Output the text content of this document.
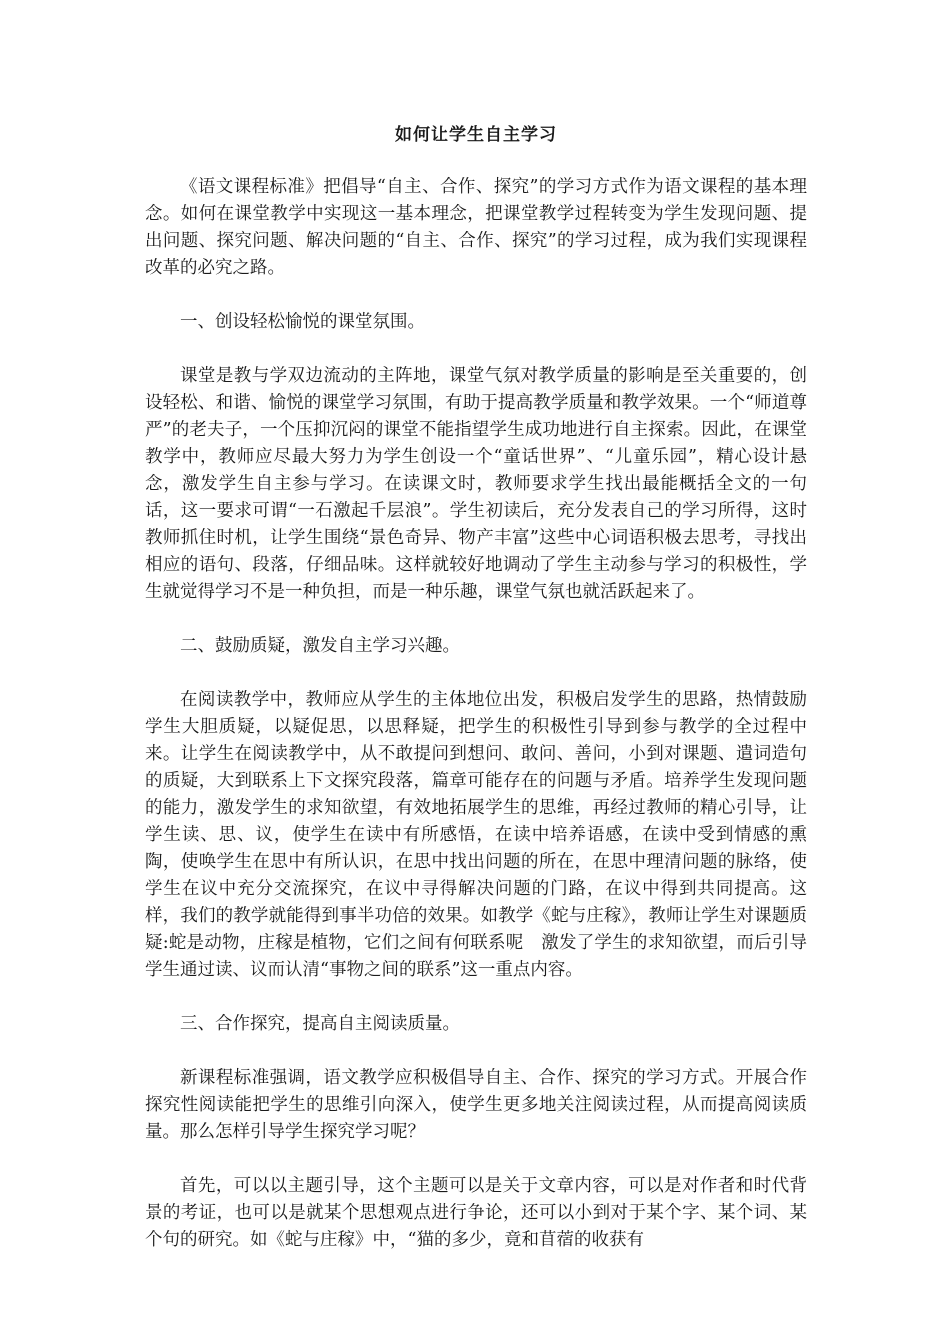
如何让学生自主学习

《语文课程标准》把倡导“自主、合作、探究”的学习方式作为语文课程的基本理念。如何在课堂教学中实现这一基本理念，把课堂教学过程转变为学生发现问题、提出问题、探究问题、解决问题的“自主、合作、探究”的学习过程，成为我们实现课程改革的必究之路。

一、创设轻松愉悦的课堂氛围。

课堂是教与学双边流动的主阵地，课堂气氛对教学质量的影响是至关重要的，创设轻松、和谐、愉悦的课堂学习氛围，有助于提高教学质量和教学效果。一个“师道尊严”的老夫子，一个压抑沉闷的课堂不能指望学生成功地进行自主探索。因此，在课堂教学中，教师应尽最大努力为学生创设一个“童话世界”、“儿童乐园”，精心设计悬念，激发学生自主参与学习。在读课文时，教师要求学生找出最能概括全文的一句话，这一要求可谓“一石激起千层浪”。学生初读后，充分发表自己的学习所得，这时教师抓住时机，让学生围绕“景色奇异、物产丰富”这些中心词语积极去思考，寻找出相应的语句、段落，仔细品味。这样就较好地调动了学生主动参与学习的积极性，学生就觉得学习不是一种负担，而是一种乐趣，课堂气氛也就活跃起来了。

二、鼓励质疑，激发自主学习兴趣。

在阅读教学中，教师应从学生的主体地位出发，积极启发学生的思路，热情鼓励学生大胆质疑，以疑促思，以思释疑，把学生的积极性引导到参与教学的全过程中来。让学生在阅读教学中，从不敢提问到想问、敢问、善问，小到对课题、遣词造句的质疑，大到联系上下文探究段落，篇章可能存在的问题与矛盾。培养学生发现问题的能力，激发学生的求知欲望，有效地拓展学生的思维，再经过教师的精心引导，让学生读、思、议，使学生在读中有所感悟，在读中培养语感，在读中受到情感的熏陶，使唤学生在思中有所认识，在思中找出问题的所在，在思中理清问题的脉络，使学生在议中充分交流探究，在议中寻得解决问题的门路，在议中得到共同提高。这样，我们的教学就能得到事半功倍的效果。如教学《蛇与庄稼》，教师让学生对课题质疑:蛇是动物，庄稼是植物，它们之间有何联系呢　激发了学生的求知欲望，而后引导学生通过读、议而认清“事物之间的联系”这一重点内容。

三、合作探究，提高自主阅读质量。

新课程标准强调，语文教学应积极倡导自主、合作、探究的学习方式。开展合作探究性阅读能把学生的思维引向深入，使学生更多地关注阅读过程，从而提高阅读质量。那么怎样引导学生探究学习呢？

首先，可以以主题引导，这个主题可以是关于文章内容，可以是对作者和时代背景的考证，也可以是就某个思想观点进行争论，还可以小到对于某个字、某个词、某个句的研究。如《蛇与庄稼》中，“猫的多少，竟和苜蓿的收获有
